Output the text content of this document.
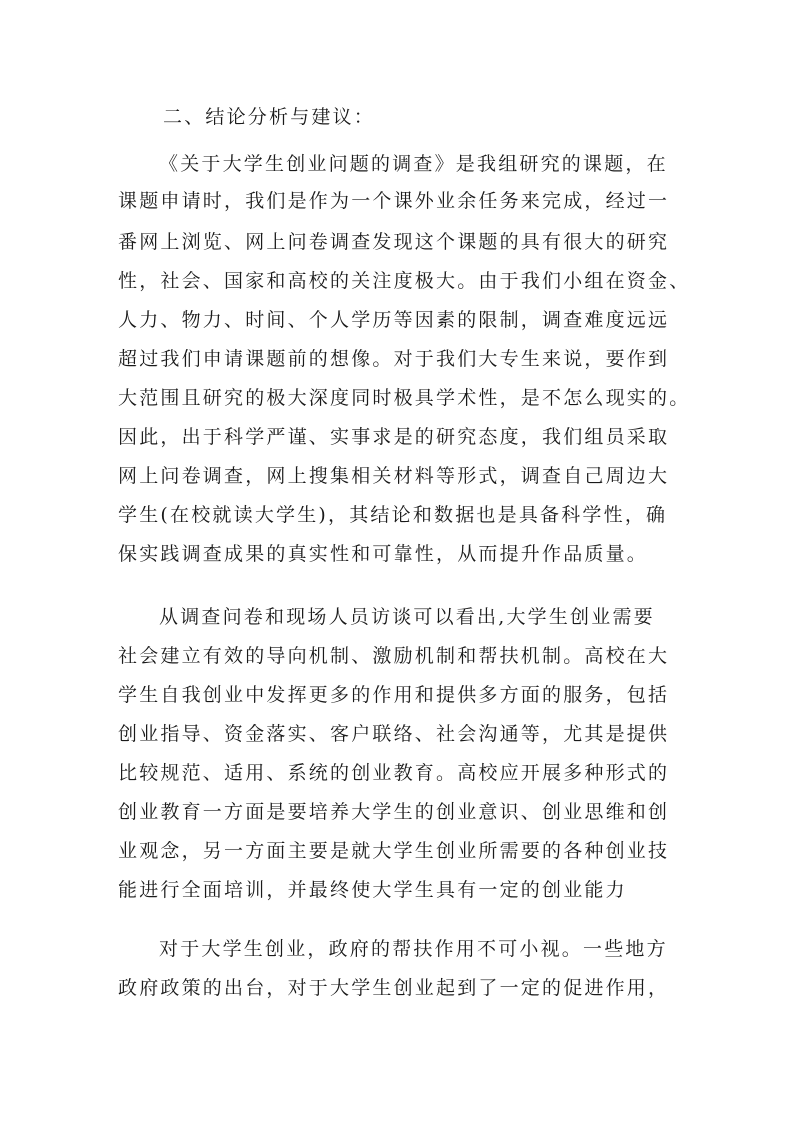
二、结论分析与建议：
《关于大学生创业问题的调查》是我组研究的课题，在
课题申请时，我们是作为一个课外业余任务来完成，经过一
番网上浏览、网上问卷调查发现这个课题的具有很大的研究
性，社会、国家和高校的关注度极大。由于我们小组在资金、
人力、物力、时间、个人学历等因素的限制，调查难度远远
超过我们申请课题前的想像。对于我们大专生来说，要作到
大范围且研究的极大深度同时极具学术性，是不怎么现实的。
因此，出于科学严谨、实事求是的研究态度，我们组员采取
网上问卷调查，网上搜集相关材料等形式，调查自己周边大
学生(在校就读大学生)，其结论和数据也是具备科学性，确
保实践调查成果的真实性和可靠性，从而提升作品质量。
从调查问卷和现场人员访谈可以看出,大学生创业需要
社会建立有效的导向机制、激励机制和帮扶机制。高校在大
学生自我创业中发挥更多的作用和提供多方面的服务，包括
创业指导、资金落实、客户联络、社会沟通等，尤其是提供
比较规范、适用、系统的创业教育。高校应开展多种形式的
创业教育一方面是要培养大学生的创业意识、创业思维和创
业观念，另一方面主要是就大学生创业所需要的各种创业技
能进行全面培训，并最终使大学生具有一定的创业能力
对于大学生创业，政府的帮扶作用不可小视。一些地方
政府政策的出台，对于大学生创业起到了一定的促进作用，
